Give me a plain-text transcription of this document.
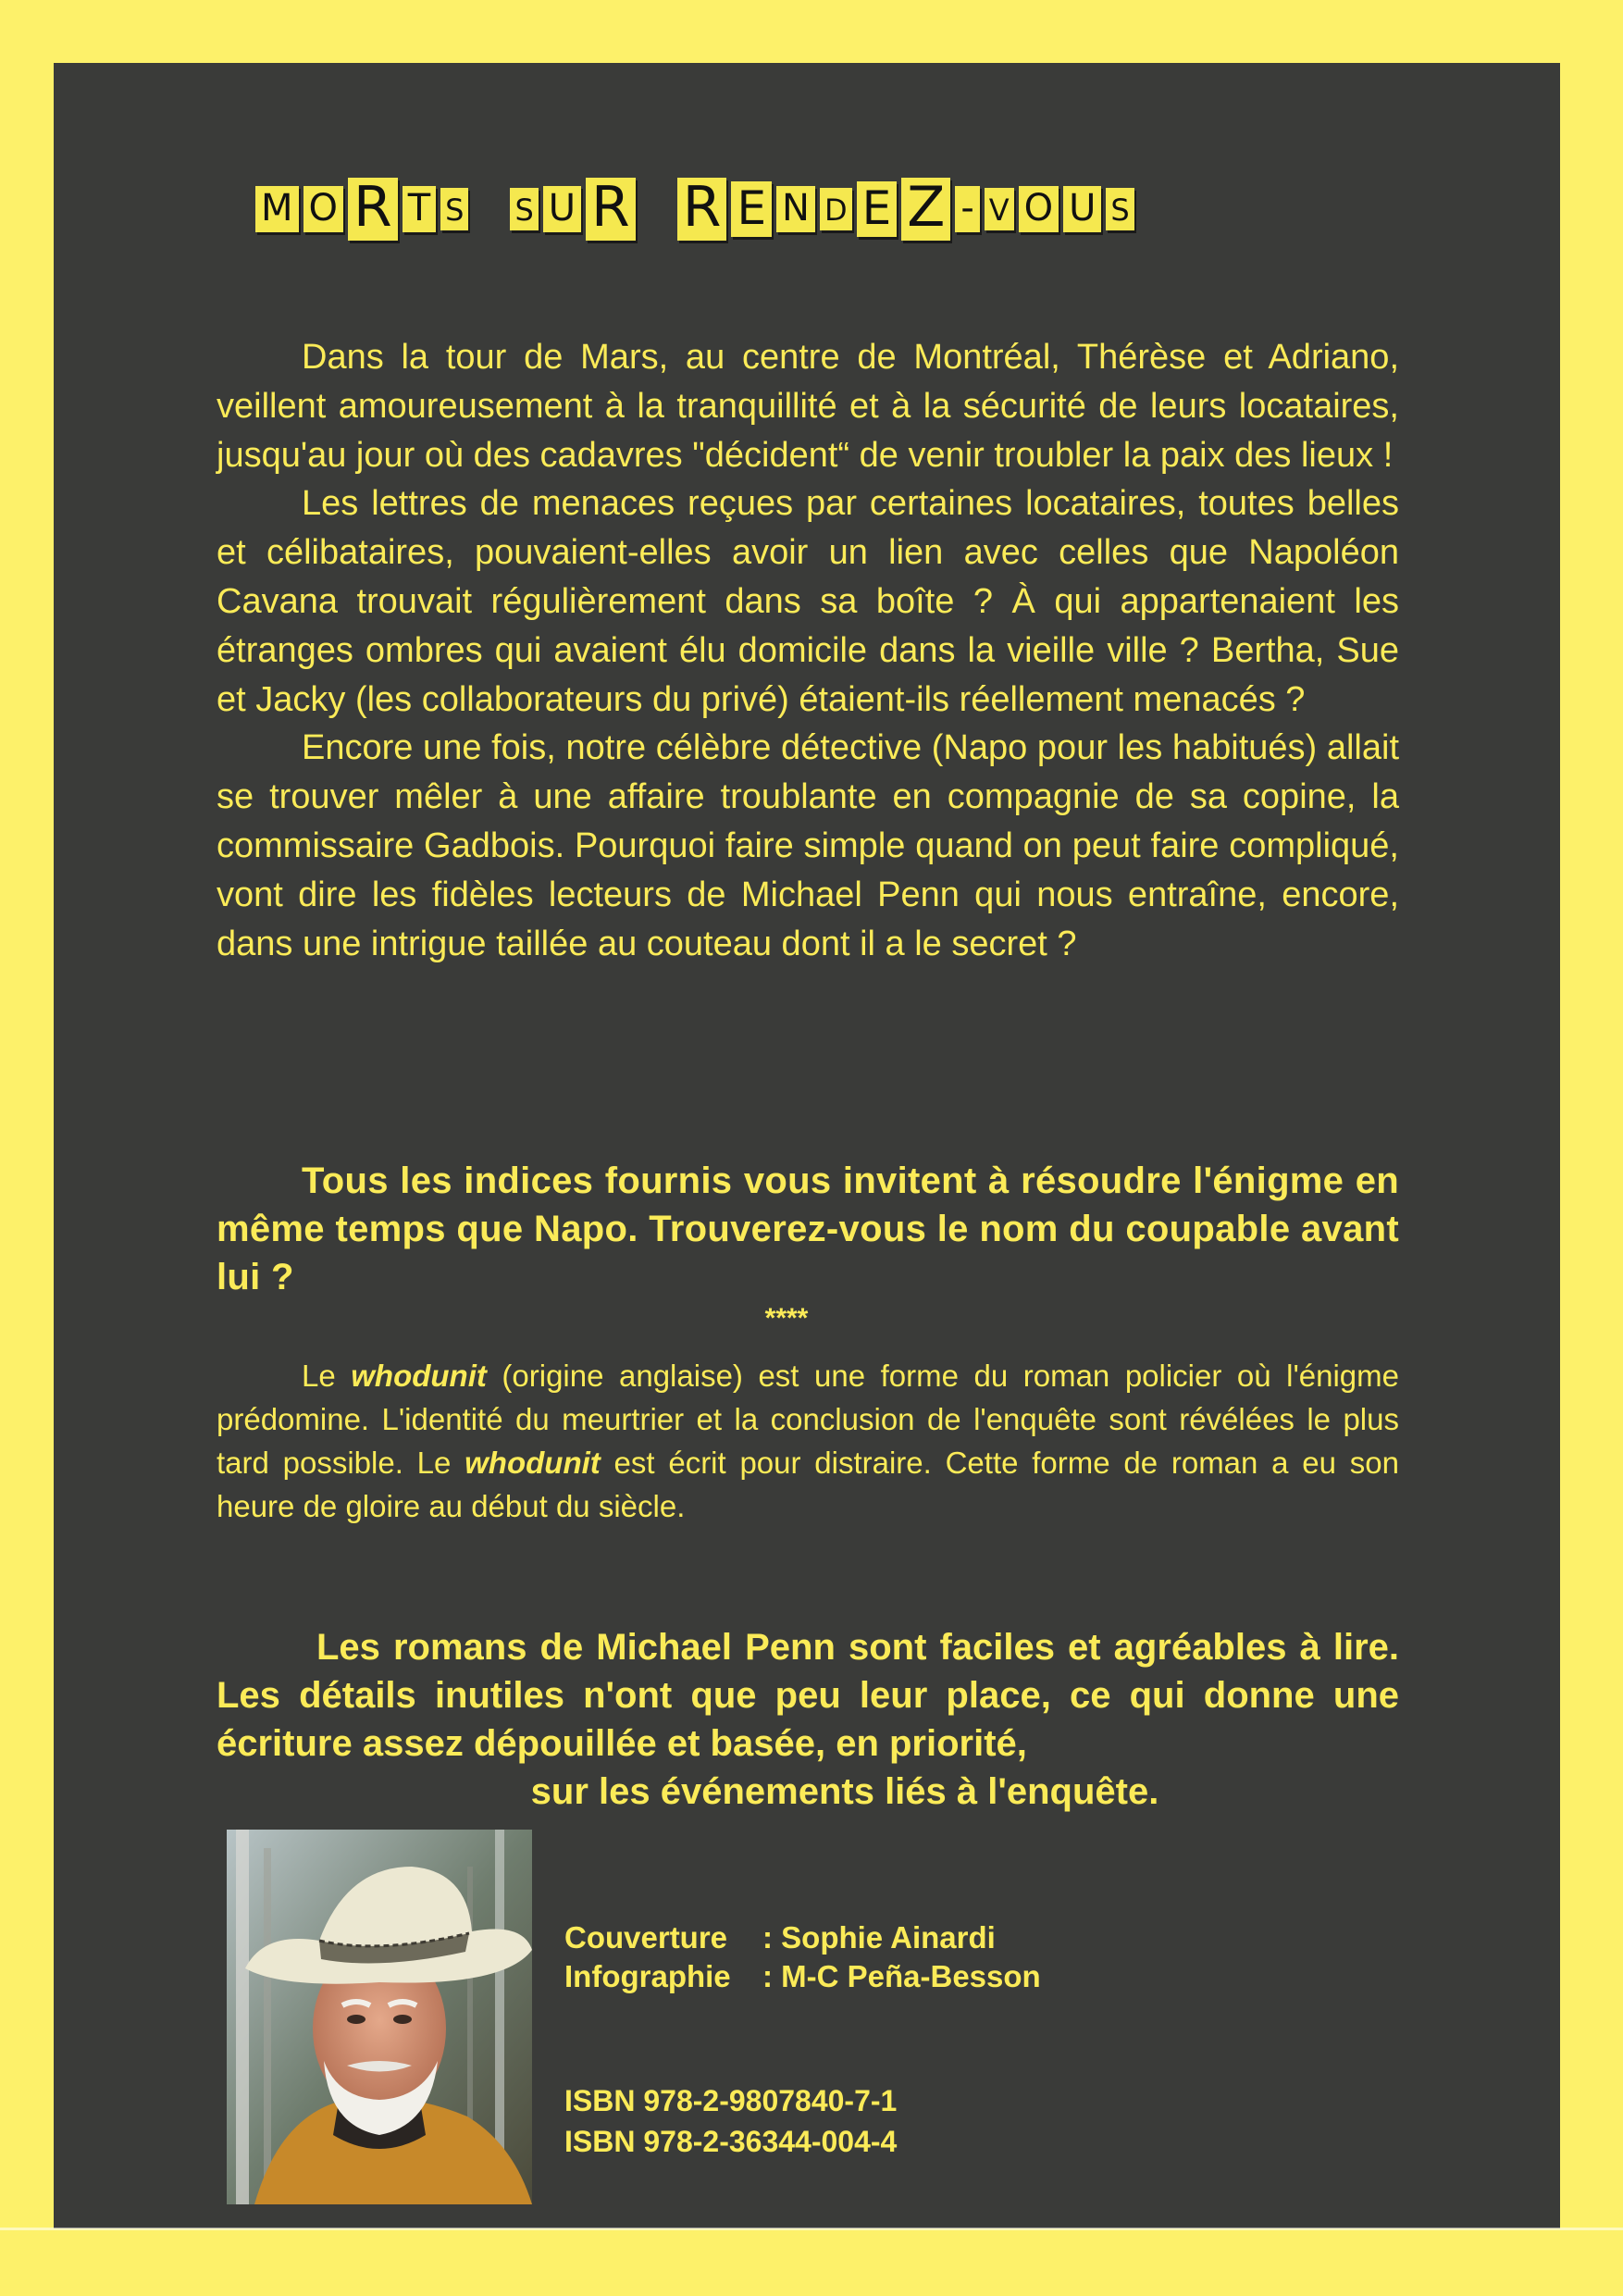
M O R T S S U R R E N D E Z - V O U S

Dans la tour de Mars, au centre de Montréal, Thérèse et Adriano, veillent amoureusement à la tranquillité et à la sécurité de leurs locataires, jusqu'au jour où des cadavres "décident“ de venir troubler la paix des lieux !

Les lettres de menaces reçues par certaines locataires, toutes belles et célibataires, pouvaient-elles avoir un lien avec celles que Napoléon Cavana trouvait régulièrement dans sa boîte ? À qui appartenaient les étranges ombres qui avaient élu domicile dans la vieille ville ? Bertha, Sue et Jacky (les collaborateurs du privé) étaient-ils réellement menacés ?

Encore une fois, notre célèbre détective (Napo pour les habitués) allait se trouver mêler à une affaire troublante en compagnie de sa copine, la commissaire Gadbois. Pourquoi faire simple quand on peut faire compliqué, vont dire les fidèles lecteurs de Michael Penn qui nous entraîne, encore, dans une intrigue taillée au couteau dont il a le secret ?

Tous les indices fournis vous invitent à résoudre l'énigme en même temps que Napo. Trouverez-vous le nom du coupable avant lui ?

****

Le whodunit (origine anglaise) est une forme du roman policier où l'énigme prédomine. L'identité du meurtrier et la conclusion de l'enquête sont révélées le plus tard possible. Le whodunit est écrit pour distraire. Cette forme de roman a eu son heure de gloire au début du siècle.

Les romans de Michael Penn sont faciles et agréables à lire. Les détails inutiles n'ont que peu leur place, ce qui donne une écriture assez dépouillée et basée, en priorité,
sur les événements liés à l'enquête.

Couverture	: Sophie Ainardi
Infographie	: M-C Peña-Besson
ISBN 978-2-9807840-7-1
ISBN 978-2-36344-004-4
